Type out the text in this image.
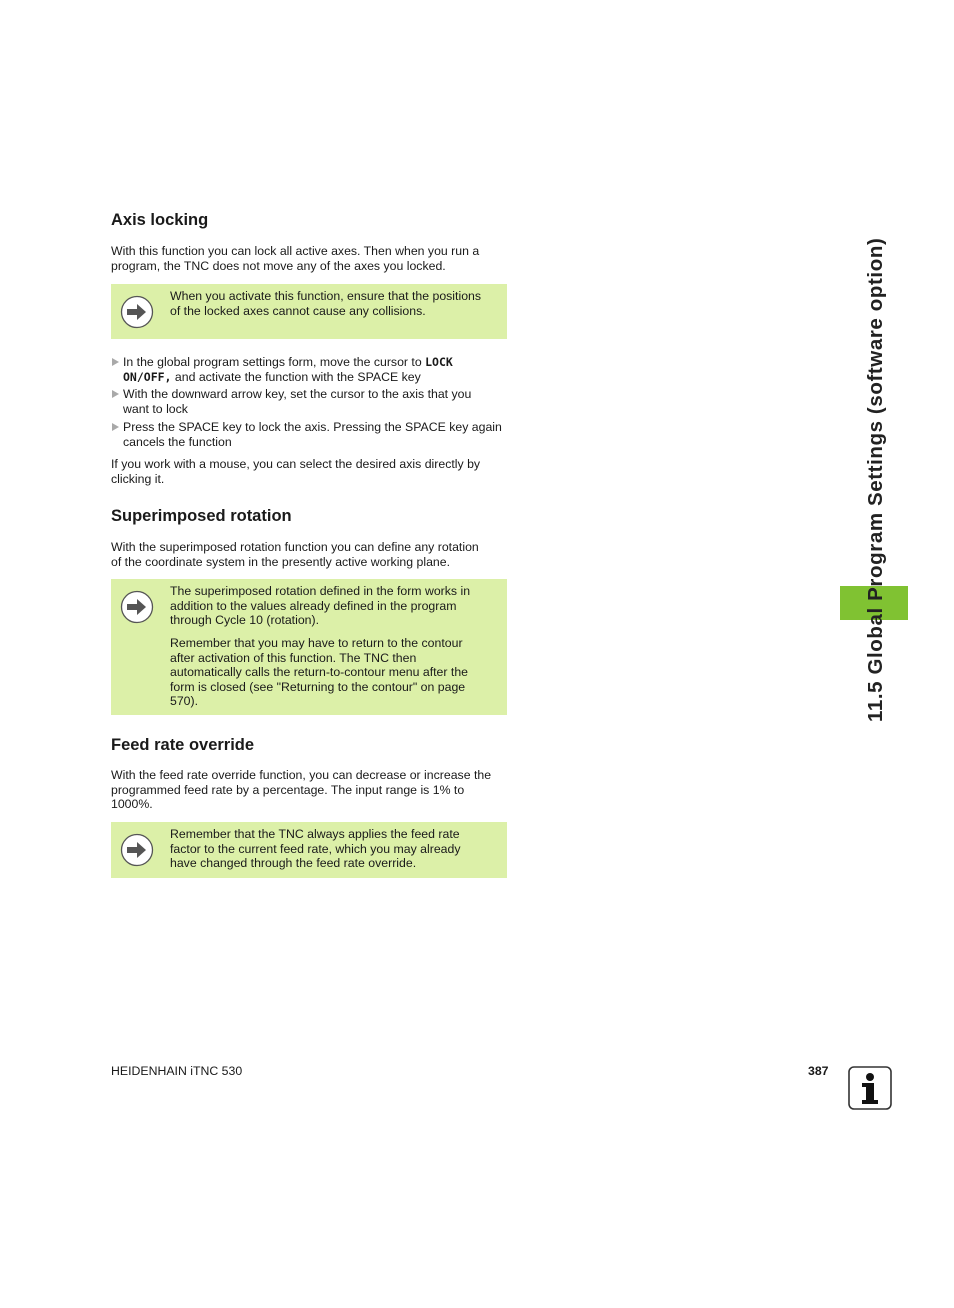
Axis locking

With this function you can lock all active axes. Then when you run a
program, the TNC does not move any of the axes you locked.

When you activate this function, ensure that the positions
of the locked axes cannot cause any collisions.

In the global program settings form, move the cursor to LOCK
ON/OFF, and activate the function with the SPACE key

With the downward arrow key, set the cursor to the axis that you
want to lock

Press the SPACE key to lock the axis. Pressing the SPACE key again
cancels the function

If you work with a mouse, you can select the desired axis directly by
clicking it.

Superimposed rotation

With the superimposed rotation function you can define any rotation
of the coordinate system in the presently active working plane.

The superimposed rotation defined in the form works in
addition to the values already defined in the program
through Cycle 10 (rotation).

Remember that you may have to return to the contour
after activation of this function. The TNC then
automatically calls the return-to-contour menu after the
form is closed (see "Returning to the contour" on page
570).

Feed rate override

With the feed rate override function, you can decrease or increase the
programmed feed rate by a percentage. The input range is 1% to
1000%.

Remember that the TNC always applies the feed rate
factor to the current feed rate, which you may already
have changed through the feed rate override.

11.5 Global Program Settings (software option)
HEIDENHAIN iTNC 530	387
